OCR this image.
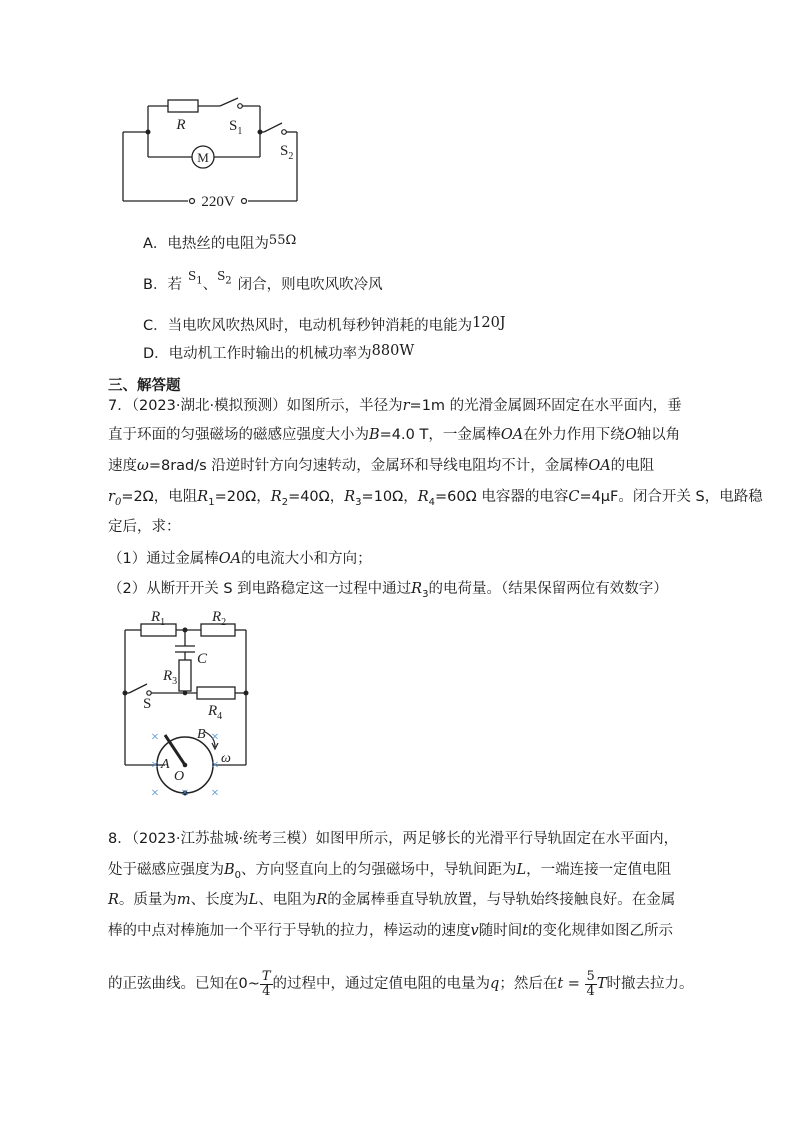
M
220V
R	$S_1$
$S_2$
A．电热丝的电阻为55Ω
B．若$^{S_1}$、$^{S_2}$ 闭合，则电吹风吹冷风
C．当电吹风吹热风时，电动机每秒钟消耗的电能为120J
D．电动机工作时输出的机械功率为880W
三、解答题
7．（2023·湖北·模拟预测）如图所示，半径为r=1m 的光滑金属圆环固定在水平面内，垂
直于环面的匀强磁场的磁感应强度大小为B=4.0 T，一金属棒OA在外力作用下绕O轴以角
速度ω=8rad/s 沿逆时针方向匀速转动，金属环和导线电阻均不计，金属棒OA的电阻
$r_0=2\Omega$，电阻$R_1=20\Omega$，$R_2=40\Omega$，$R_3=10\Omega$，$R_4=60\Omega$ 电容器的电容C=4μF。闭合开关 S，电路稳
定后，求：
（1）通过金属棒OA的电流大小和方向；
（2）从断开开关 S 到电路稳定这一过程中通过$R_3$的电荷量。（结果保留两位有效数字）
×	×
×	×
× × ×
$R_1$	$R_2$
C
$R_3$
$R_4$
S
A
O
B
ω
8．（2023·江苏盐城·统考三模）如图甲所示，两足够长的光滑平行导轨固定在水平面内，
处于磁感应强度为$B_0$、方向竖直向上的匀强磁场中，导轨间距为L，一端连接一定值电阻
R。质量为m、长度为L、电阻为R的金属棒垂直导轨放置，与导轨始终接触良好。在金属
棒的中点对棒施加一个平行于导轨的拉力，棒运动的速度v随时间t的变化规律如图乙所示
的正弦曲线。已知在0~ $\frac{T}{4}$ 的过程中，通过定值电阻的电量为q；然后在$t = \frac{5}{4}$ T时撤去拉力。
